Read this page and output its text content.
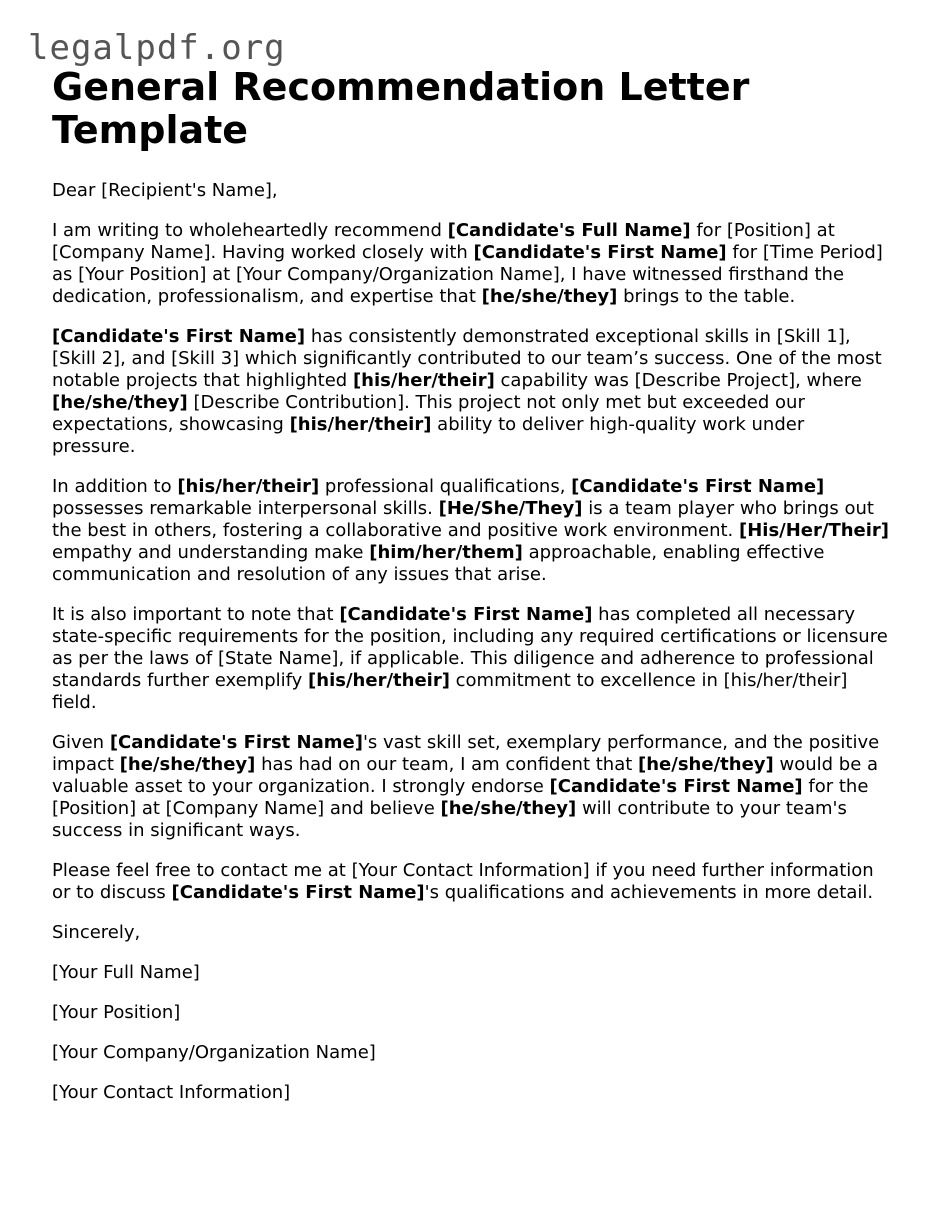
legalpdf.org
General Recommendation Letter Template

Dear [Recipient's Name],

I am writing to wholeheartedly recommend [Candidate's Full Name] for [Position] at [Company Name]. Having worked closely with [Candidate's First Name] for [Time Period] as [Your Position] at [Your Company/Organization Name], I have witnessed firsthand the dedication, professionalism, and expertise that [he/she/they] brings to the table.

[Candidate's First Name] has consistently demonstrated exceptional skills in [Skill 1], [Skill 2], and [Skill 3] which significantly contributed to our team’s success. One of the most notable projects that highlighted [his/her/their] capability was [Describe Project], where [he/she/they] [Describe Contribution]. This project not only met but exceeded our expectations, showcasing [his/her/their] ability to deliver high-quality work under pressure.

In addition to [his/her/their] professional qualifications, [Candidate's First Name] possesses remarkable interpersonal skills. [He/She/They] is a team player who brings out the best in others, fostering a collaborative and positive work environment. [His/Her/Their] empathy and understanding make [him/her/them] approachable, enabling effective communication and resolution of any issues that arise.

It is also important to note that [Candidate's First Name] has completed all necessary state-specific requirements for the position, including any required certifications or licensure as per the laws of [State Name], if applicable. This diligence and adherence to professional standards further exemplify [his/her/their] commitment to excellence in [his/her/their] field.

Given [Candidate's First Name]'s vast skill set, exemplary performance, and the positive impact [he/she/they] has had on our team, I am confident that [he/she/they] would be a valuable asset to your organization. I strongly endorse [Candidate's First Name] for the [Position] at [Company Name] and believe [he/she/they] will contribute to your team's success in significant ways.

Please feel free to contact me at [Your Contact Information] if you need further information or to discuss [Candidate's First Name]'s qualifications and achievements in more detail.

Sincerely,

[Your Full Name]

[Your Position]

[Your Company/Organization Name]

[Your Contact Information]
